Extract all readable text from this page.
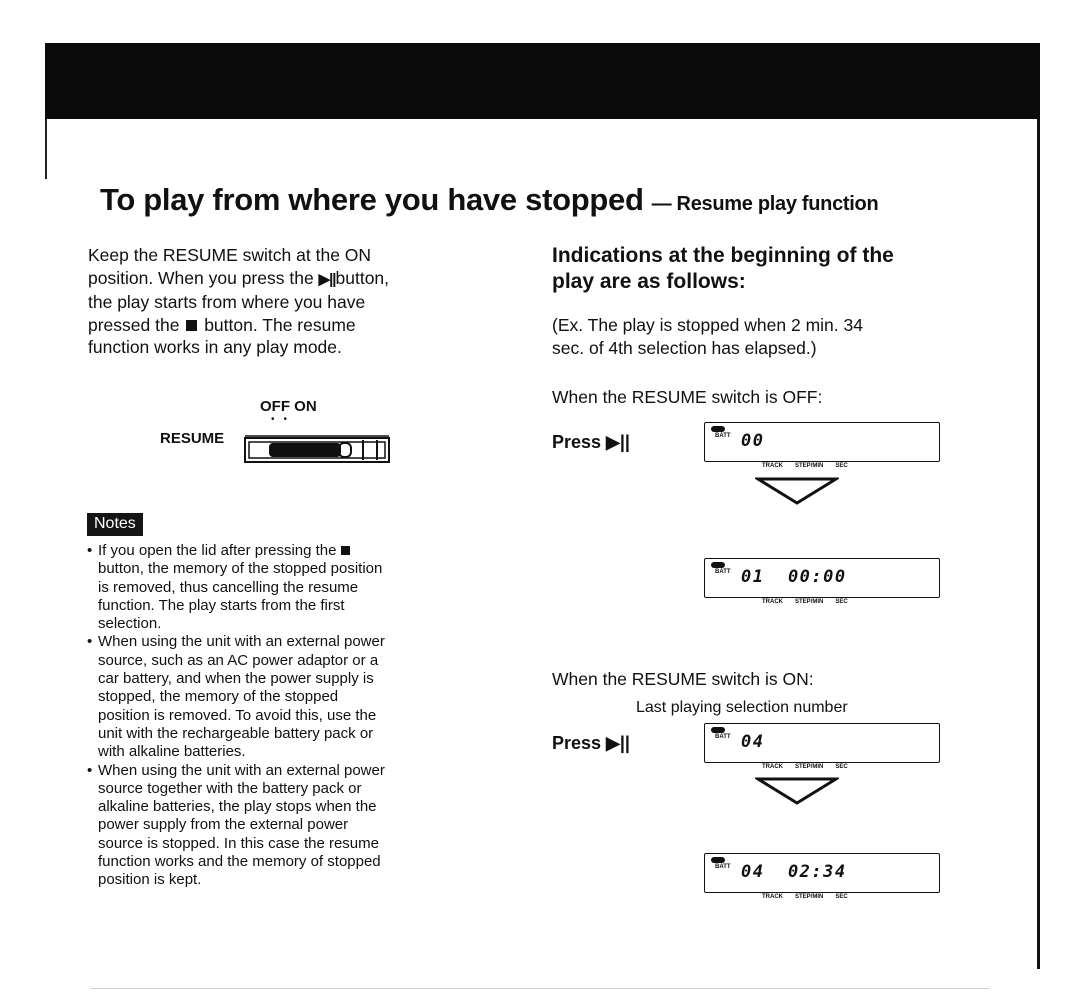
To play from where you have stopped — Resume play function
Keep the RESUME switch at the ON
position. When you press the ▶||button,
the play starts from where you have
pressed the button. The resume
function works in any play mode.
OFF ON
••
RESUME
Notes
• If you open the lid after pressing the
button, the memory of the stopped position
is removed, thus cancelling the resume
function. The play starts from the first
selection.
• When using the unit with an external power
source, such as an AC power adaptor or a
car battery, and when the power supply is
stopped, the memory of the stopped
position is removed. To avoid this, use the
unit with the rechargeable battery pack or
with alkaline batteries.
• When using the unit with an external power
source together with the battery pack or
alkaline batteries, the play stops when the
power supply from the external power
source is stopped. In this case the resume
function works and the memory of stopped
position is kept.
Indications at the beginning of the
play are as follows:
(Ex. The play is stopped when 2 min. 34
sec. of 4th selection has elapsed.)
When the RESUME switch is OFF:
Press ▶||	BATT 00
TRACK STEP/MIN SEC
BATT 01  00:00
TRACK STEP/MIN SEC
When the RESUME switch is ON:
Last playing selection number
Press ▶||	BATT 04
TRACK STEP/MIN SEC
BATT 04  02:34
TRACK STEP/MIN SEC
